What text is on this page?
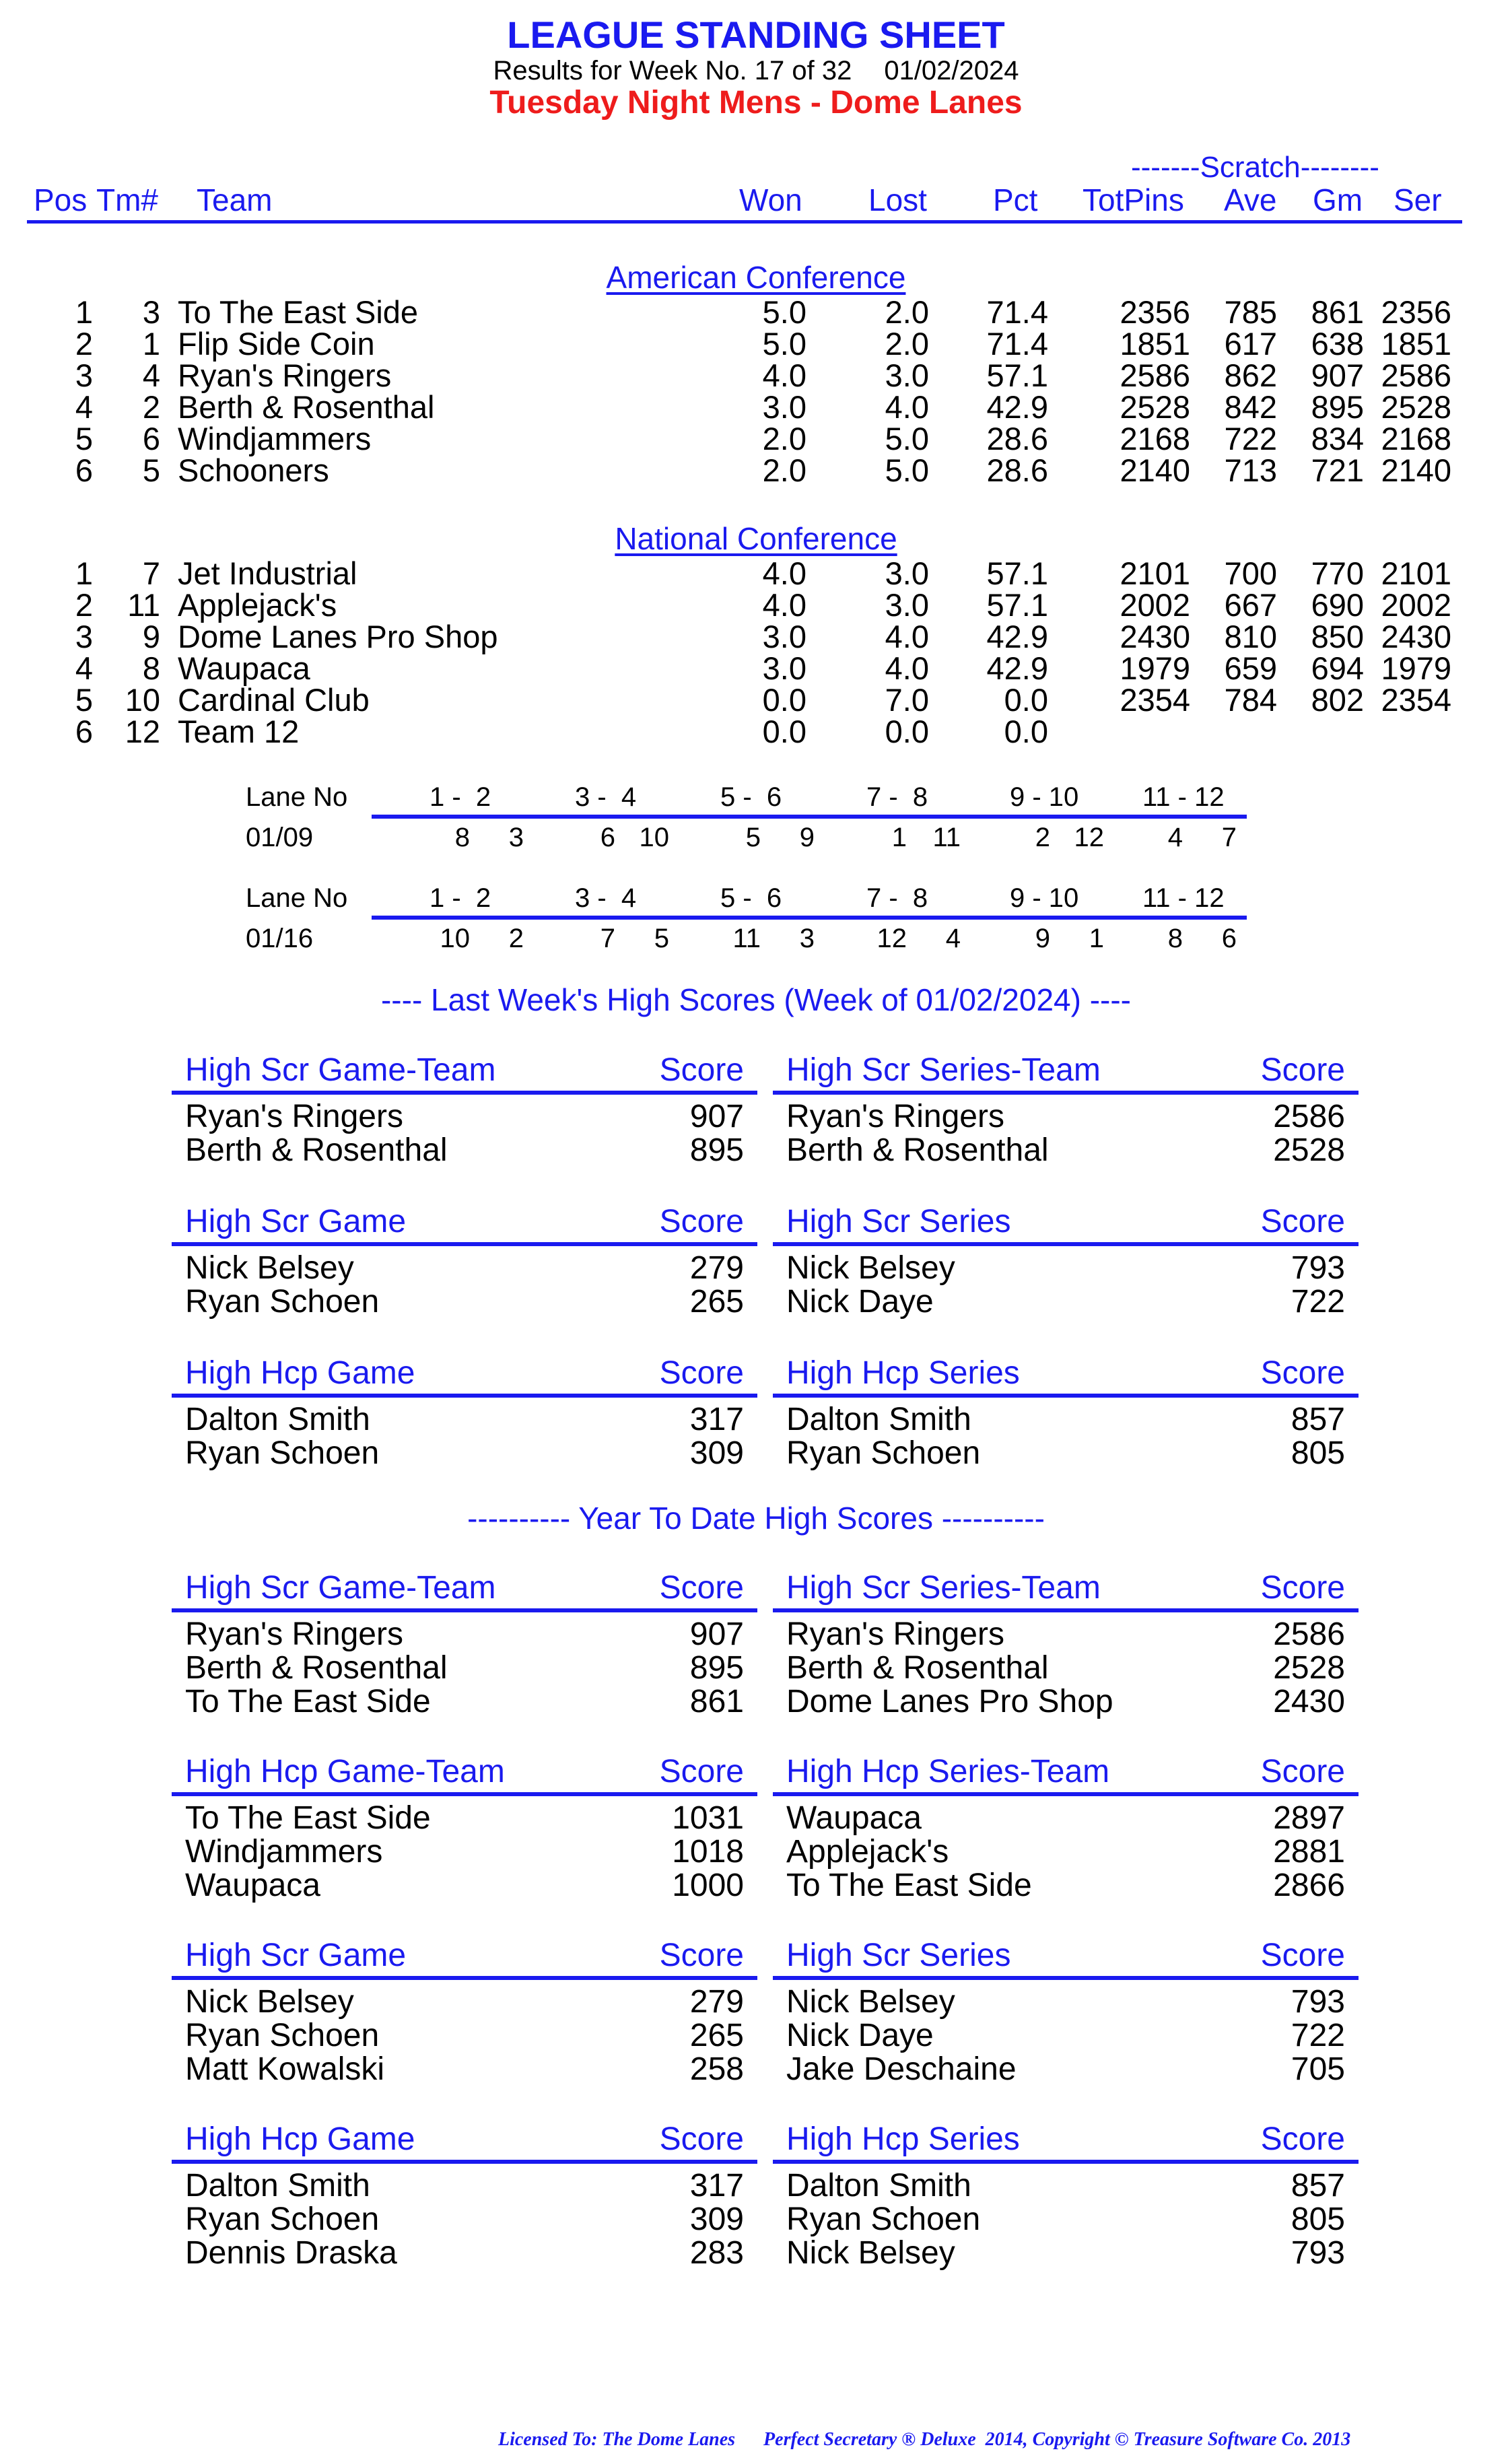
LEAGUE STANDING SHEET
Results for Week No. 17 of 32 01/02/2024
Tuesday Night Mens - Dome Lanes
-------Scratch--------
Pos Tm# Team	Won Lost Pct TotPins Ave Gm Ser
American Conference
1 3 To The East Side	5.0 2.0 71.4 2356 785 861 2356
2 1 Flip Side Coin	5.0 2.0 71.4 1851 617 638 1851
3 4 Ryan's Ringers	4.0 3.0 57.1 2586 862 907 2586
4 2 Berth & Rosenthal	3.0 4.0 42.9 2528 842 895 2528
5 6 Windjammers	2.0 5.0 28.6 2168 722 834 2168
6 5 Schooners	2.0 5.0 28.6 2140 713 721 2140
National Conference
1 7 Jet Industrial	4.0 3.0 57.1 2101 700 770 2101
2 11 Applejack's	4.0 3.0 57.1 2002 667 690 2002
3 9 Dome Lanes Pro Shop	3.0 4.0 42.9 2430 810 850 2430
4 8 Waupaca	3.0 4.0 42.9 1979 659 694 1979
5 10 Cardinal Club	0.0 7.0 0.0 2354 784 802 2354
6 12 Team 12	0.0 0.0 0.0
Lane No	1 -  2	3 -  4	5 -  6	7 -  8	9 - 10 11 - 12
01/09	8	3	6 10	5	9	1 11	2 12	4	7
Lane No	1 -  2	3 -  4	5 -  6	7 -  8	9 - 10 11 - 12
01/16	10	2	7	5	11	3	12	4	9	1	8	6
---- Last Week's High Scores (Week of 01/02/2024) ----
High Scr Game-Team	Score
Ryan's Ringers	907
Berth & Rosenthal	895
High Scr Series-Team	Score
Ryan's Ringers	2586
Berth & Rosenthal	2528
High Scr Game	Score
Nick Belsey	279
Ryan Schoen	265
High Scr Series	Score
Nick Belsey	793
Nick Daye	722
High Hcp Game	Score
Dalton Smith	317
Ryan Schoen	309
High Hcp Series	Score
Dalton Smith	857
Ryan Schoen	805
---------- Year To Date High Scores ----------
High Scr Game-Team	Score
Ryan's Ringers	907
Berth & Rosenthal	895
To The East Side	861
High Scr Series-Team	Score
Ryan's Ringers	2586
Berth & Rosenthal	2528
Dome Lanes Pro Shop	2430
High Hcp Game-Team	Score
To The East Side	1031
Windjammers	1018
Waupaca	1000
High Hcp Series-Team	Score
Waupaca	2897
Applejack's	2881
To The East Side	2866
High Scr Game	Score
Nick Belsey	279
Ryan Schoen	265
Matt Kowalski	258
High Scr Series	Score
Nick Belsey	793
Nick Daye	722
Jake Deschaine	705
High Hcp Game	Score
Dalton Smith	317
Ryan Schoen	309
Dennis Draska	283
High Hcp Series	Score
Dalton Smith	857
Ryan Schoen	805
Nick Belsey	793
Licensed To: The Dome Lanes Perfect Secretary ® Deluxe  2014, Copyright © Treasure Software Co. 2013
